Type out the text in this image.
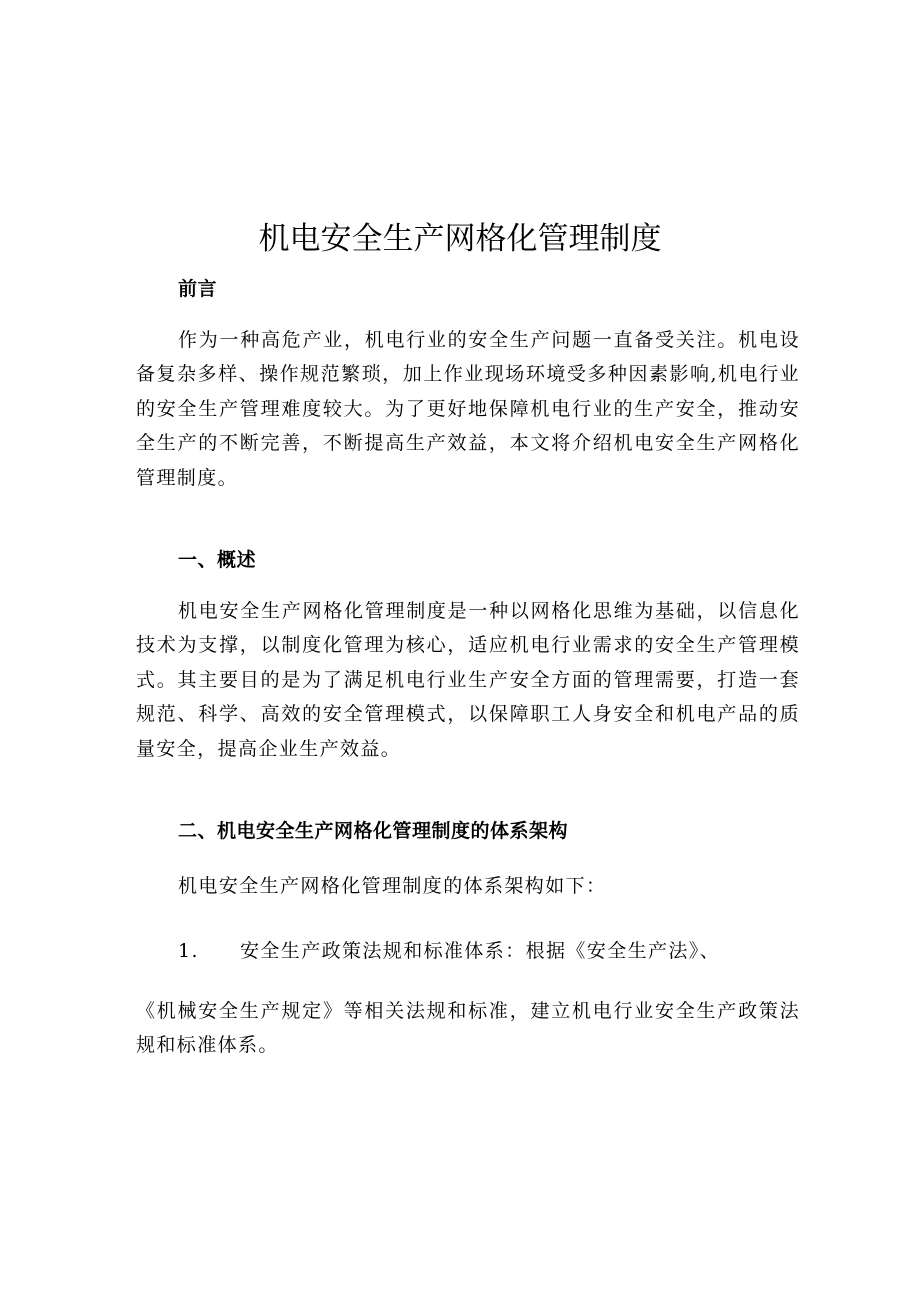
机电安全生产网格化管理制度
前言

作为一种高危产业，机电行业的安全生产问题一直备受关注。机电设备复杂多样、操作规范繁琐，加上作业现场环境受多种因素影响,机电行业的安全生产管理难度较大。为了更好地保障机电行业的生产安全，推动安全生产的不断完善，不断提高生产效益，本文将介绍机电安全生产网格化管理制度。

一、概述

机电安全生产网格化管理制度是一种以网格化思维为基础，以信息化技术为支撑，以制度化管理为核心，适应机电行业需求的安全生产管理模式。其主要目的是为了满足机电行业生产安全方面的管理需要，打造一套规范、科学、高效的安全管理模式，以保障职工人身安全和机电产品的质量安全，提高企业生产效益。

二、机电安全生产网格化管理制度的体系架构

机电安全生产网格化管理制度的体系架构如下：

1.	安全生产政策法规和标准体系：根据《安全生产法》、

《机械安全生产规定》等相关法规和标准，建立机电行业安全生产政策法规和标准体系。
